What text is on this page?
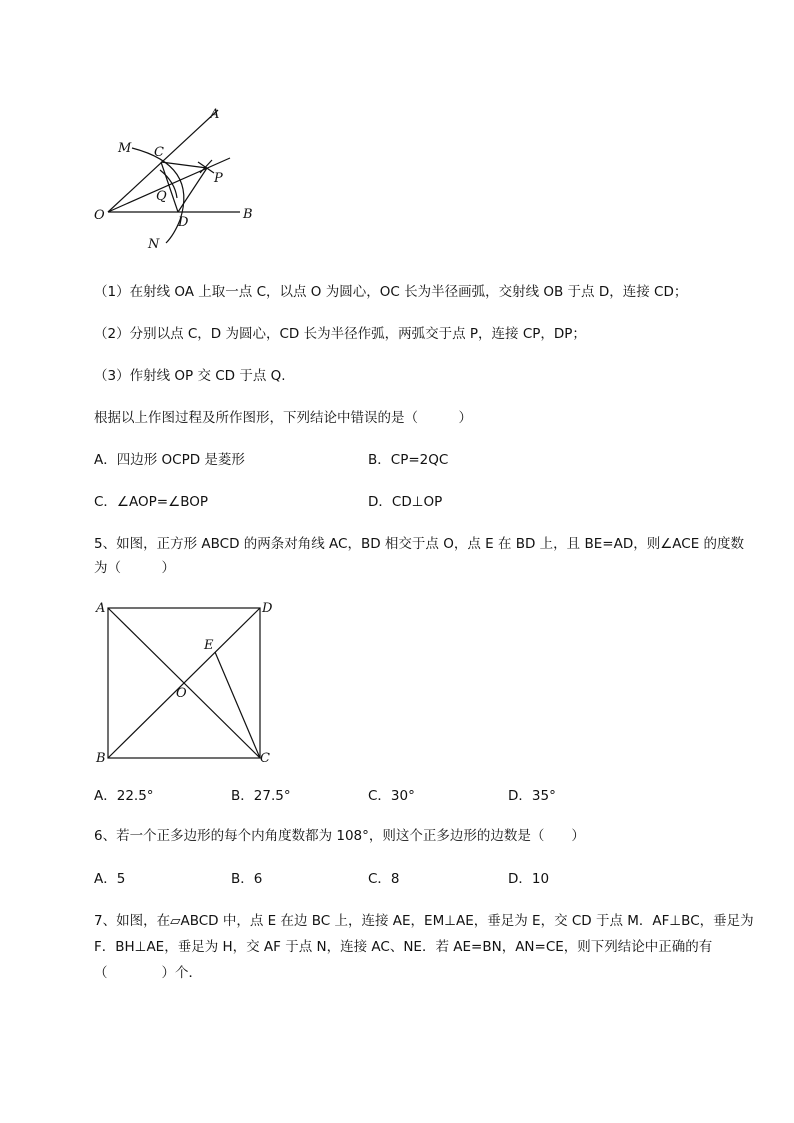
A
M C
P
Q
O	D
B
N
（1）在射线 OA 上取一点 C，以点 O 为圆心，OC 长为半径画弧，交射线 OB 于点 D，连接 CD；
（2）分别以点 C，D 为圆心，CD 长为半径作弧，两弧交于点 P，连接 CP，DP；
（3）作射线 OP 交 CD 于点 Q.
根据以上作图过程及所作图形，下列结论中错误的是（　　　）
A．四边形 OCPD 是菱形	B．CP=2QC
C．∠AOP=∠BOP	D．CD⊥OP
5、如图，正方形 ABCD 的两条对角线 AC，BD 相交于点 O，点 E 在 BD 上，且 BE=AD，则∠ACE 的度数
为（　　　）
A	D
E
O
B	C
A．22.5°	B．27.5°	C．30°	D．35°
6、若一个正多边形的每个内角度数都为 108°，则这个正多边形的边数是（　　）
A．5	B．6	C．8	D．10
7、如图，在▱ABCD 中，点 E 在边 BC 上，连接 AE，EM⊥AE，垂足为 E，交 CD 于点 M．AF⊥BC，垂足为
F．BH⊥AE，垂足为 H，交 AF 于点 N，连接 AC、NE．若 AE=BN，AN=CE，则下列结论中正确的有
（　　　　）个．
